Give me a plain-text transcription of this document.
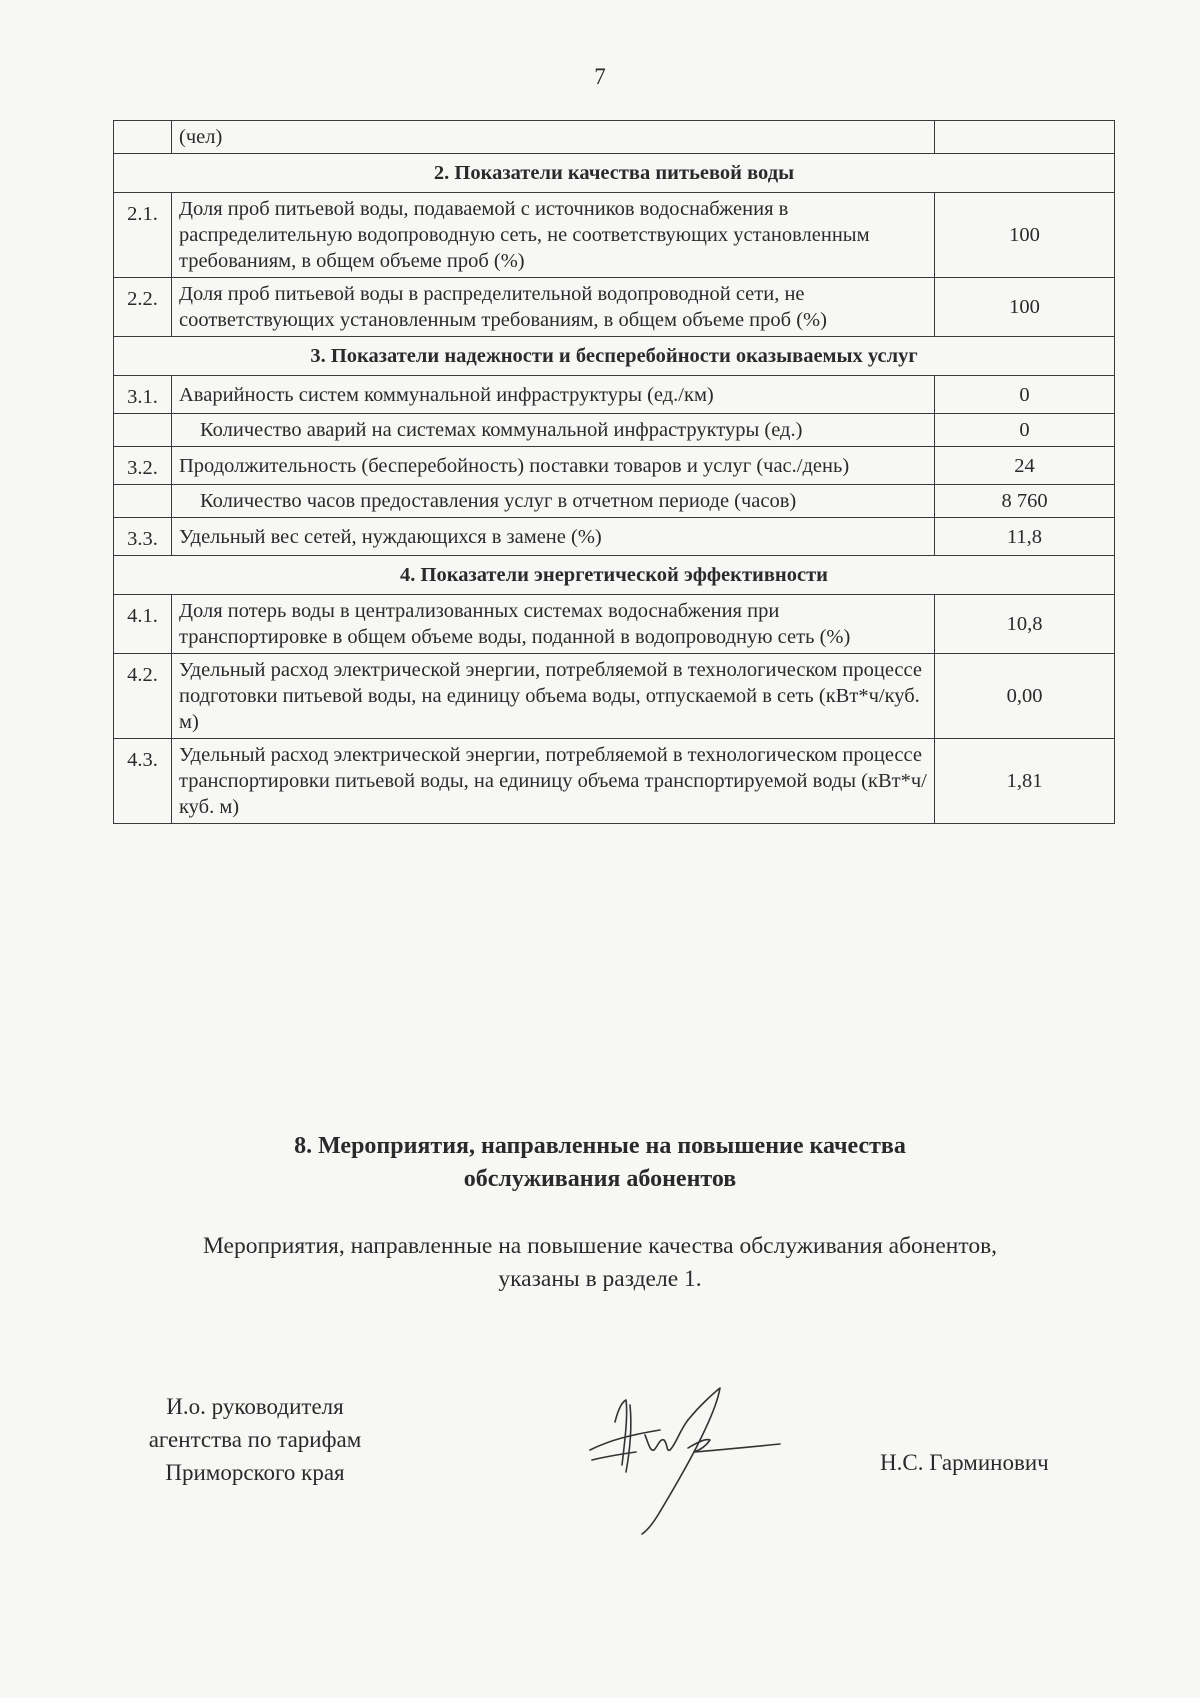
7
	(чел)	
2. Показатели качества питьевой воды		
2.1.	Доля проб питьевой воды, подаваемой с источников водоснабжения в распределительную водопроводную сеть, не соответствующих установленным требованиям, в общем объеме проб (%)	100
2.2.	Доля проб питьевой воды в распределительной водопроводной сети, не соответствующих установленным требованиям, в общем объеме проб (%)	100
3. Показатели надежности и бесперебойности оказываемых услуг		
3.1.	Аварийность систем коммунальной инфраструктуры (ед./км)	0
	Количество аварий на системах коммунальной инфраструктуры (ед.)	0
3.2.	Продолжительность (бесперебойность) поставки товаров и услуг (час./день)	24
	Количество часов предоставления услуг в отчетном периоде (часов)	8 760
3.3.	Удельный вес сетей, нуждающихся в замене (%)	11,8
4. Показатели энергетической эффективности		
4.1.	Доля потерь воды в централизованных системах водоснабжения при транспортировке в общем объеме воды, поданной в водопроводную сеть (%)	10,8
4.2.	Удельный расход электрической энергии, потребляемой в технологическом процессе подготовки питьевой воды, на единицу объема воды, отпускаемой в сеть (кВт*ч/куб. м)	0,00
4.3.	Удельный расход электрической энергии, потребляемой в технологическом процессе транспортировки питьевой воды, на единицу объема транспортируемой воды (кВт*ч/куб. м)	1,81
8. Мероприятия, направленные на повышение качества
обслуживания абонентов
Мероприятия, направленные на повышение качества обслуживания абонентов,
указаны в разделе 1.
И.о. руководителя
агентства по тарифам
Приморского края	Н.С. Гарминович
